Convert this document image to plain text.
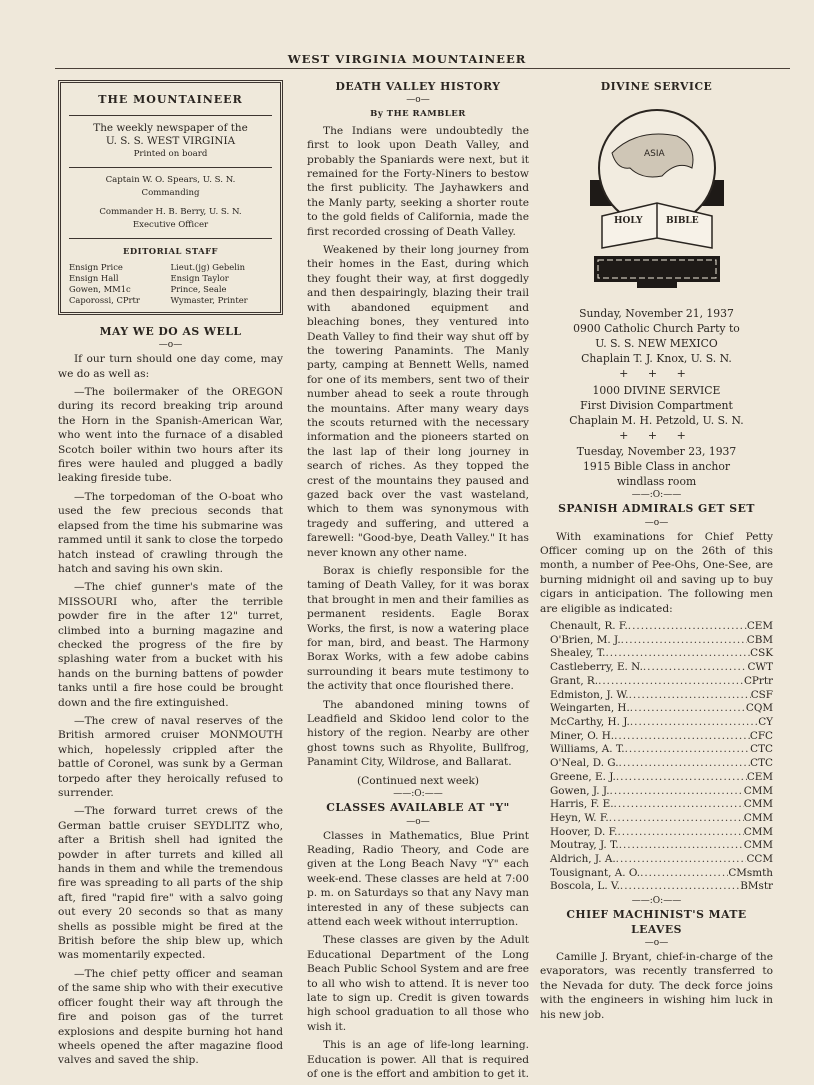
WEST VIRGINIA MOUNTAINEER
THE MOUNTAINEER
The weekly newspaper of the
U. S. S. WEST VIRGINIA
Printed on board
Captain W. O. Spears, U. S. N.
Commanding
Commander H. B. Berry, U. S. N.
Executive Officer
EDITORIAL STAFF
Ensign Price	Lieut.(jg) Gebelin
Ensign Hall	Ensign Taylor
Gowen, MM1c	Prince, Seale
Caporossi, CPrtr	Wymaster, Printer
MAY WE DO AS WELL
—o—

If our turn should one day come, may we do as well as:

—The boilermaker of the OREGON during its record breaking trip around the Horn in the Spanish-American War, who went into the furnace of a disabled Scotch boiler within two hours after its fires were hauled and plugged a badly leaking fireside tube.

—The torpedoman of the O-boat who used the few precious seconds that elapsed from the time his submarine was rammed until it sank to close the torpedo hatch instead of crawling through the hatch and saving his own skin.

—The chief gunner's mate of the MISSOURI who, after the terrible powder fire in the after 12" turret, climbed into a burning magazine and checked the progress of the fire by splashing water from a bucket with his hands on the burning battens of powder tanks until a fire hose could be brought down and the fire extinguished.

—The crew of naval reserves of the British armored cruiser MONMOUTH which, hopelessly crippled after the battle of Coronel, was sunk by a German torpedo after they heroically refused to surrender.

—The forward turret crews of the German battle cruiser SEYDLITZ who, after a British shell had ignited the powder in after turrets and killed all hands in them and while the tremendous fire was spreading to all parts of the ship aft, fired "rapid fire" with a salvo going out every 20 seconds so that as many shells as possible might be fired at the British before the ship blew up, which was momentarily expected.

—The chief petty officer and seaman of the same ship who with their executive officer fought their way aft through the fire and poison gas of the turret explosions and despite burning hot hand wheels opened the after magazine flood valves and saved the ship.

DEATH VALLEY HISTORY
—o—
By THE RAMBLER

The Indians were undoubtedly the first to look upon Death Valley, and probably the Spaniards were next, but it remained for the Forty-Niners to bestow the first publicity. The Jayhawkers and the Manly party, seeking a shorter route to the gold fields of California, made the first recorded crossing of Death Valley.

Weakened by their long journey from their homes in the East, during which they fought their way, at first doggedly and then despairingly, blazing their trail with abandoned equipment and bleaching bones, they ventured into Death Valley to find their way shut off by the towering Panamints. The Manly party, camping at Bennett Wells, named for one of its members, sent two of their number ahead to seek a route through the mountains. After many weary days the scouts returned with the necessary information and the pioneers started on the last lap of their long journey in search of riches. As they topped the crest of the mountains they paused and gazed back over the vast wasteland, which to them was synonymous with tragedy and suffering, and uttered a farewell: "Good-bye, Death Valley." It has never known any other name.

Borax is chiefly responsible for the taming of Death Valley, for it was borax that brought in men and their families as permanent residents. Eagle Borax Works, the first, is now a watering place for man, bird, and beast. The Harmony Borax Works, with a few adobe cabins surrounding it bears mute testimony to the activity that once flourished there.

The abandoned mining towns of Leadfield and Skidoo lend color to the history of the region. Nearby are other ghost towns such as Rhyolite, Bullfrog, Panamint City, Wildrose, and Ballarat.

(Continued next week)
——:O:——
CLASSES AVAILABLE AT "Y"
—o—

Classes in Mathematics, Blue Print Reading, Radio Theory, and Code are given at the Long Beach Navy "Y" each week-end. These classes are held at 7:00 p. m. on Saturdays so that any Navy man interested in any of these subjects can attend each week without interruption.

These classes are given by the Adult Educational Department of the Long Beach Public School System and are free to all who wish to attend. It is never too late to sign up. Credit is given towards high school graduation to all those who wish it.

This is an age of life-long learning. Education is power. All that is required of one is the effort and ambition to get it.

DIVINE SERVICE
ASIA
HOLY	BIBLE
Sunday, November 21, 1937
0900 Catholic Church Party to
U. S. S. NEW MEXICO
Chaplain T. J. Knox, U. S. N.
+ + +
1000 DIVINE SERVICE
First Division Compartment
Chaplain M. H. Petzold, U. S. N.
+ + +
Tuesday, November 23, 1937
1915 Bible Class in anchor
windlass room
——:O:——
SPANISH ADMIRALS GET SET
—o—

With examinations for Chief Petty Officer coming up on the 26th of this month, a number of Pee-Ohs, One-See, are burning midnight oil and saving up to buy cigars in anticipation. The following men are eligible as indicated:

Chenault, R. F. .....	CEM
O'Brien, M. J. .....	CBM
Shealey, T. .....	CSK
Castleberry, E. N. .....	CWT
Grant, R. .....	CPrtr
Edmiston, J. W. .....	CSF
Weingarten, H. .....	CQM
McCarthy, H. J. .....	CY
Miner, O. H. .....	CFC
Williams, A. T. .....	CTC
O'Neal, D. G. .....	CTC
Greene, E. J. .....	CEM
Gowen, J. J. .....	CMM
Harris, F. E. .....	CMM
Heyn, W. F. .....	CMM
Hoover, D. F. .....	CMM
Moutray, J. T. .....	CMM
Aldrich, J. A. .....	CCM
Tousignant, A. O. .....	CMsmth
Boscola, L. V. .....	BMstr
——:O:——
CHIEF MACHINIST'S MATE LEAVES
—o—

Camille J. Bryant, chief-in-charge of the evaporators, was recently transferred to the Nevada for duty. The deck force joins with the engineers in wishing him luck in his new job.
